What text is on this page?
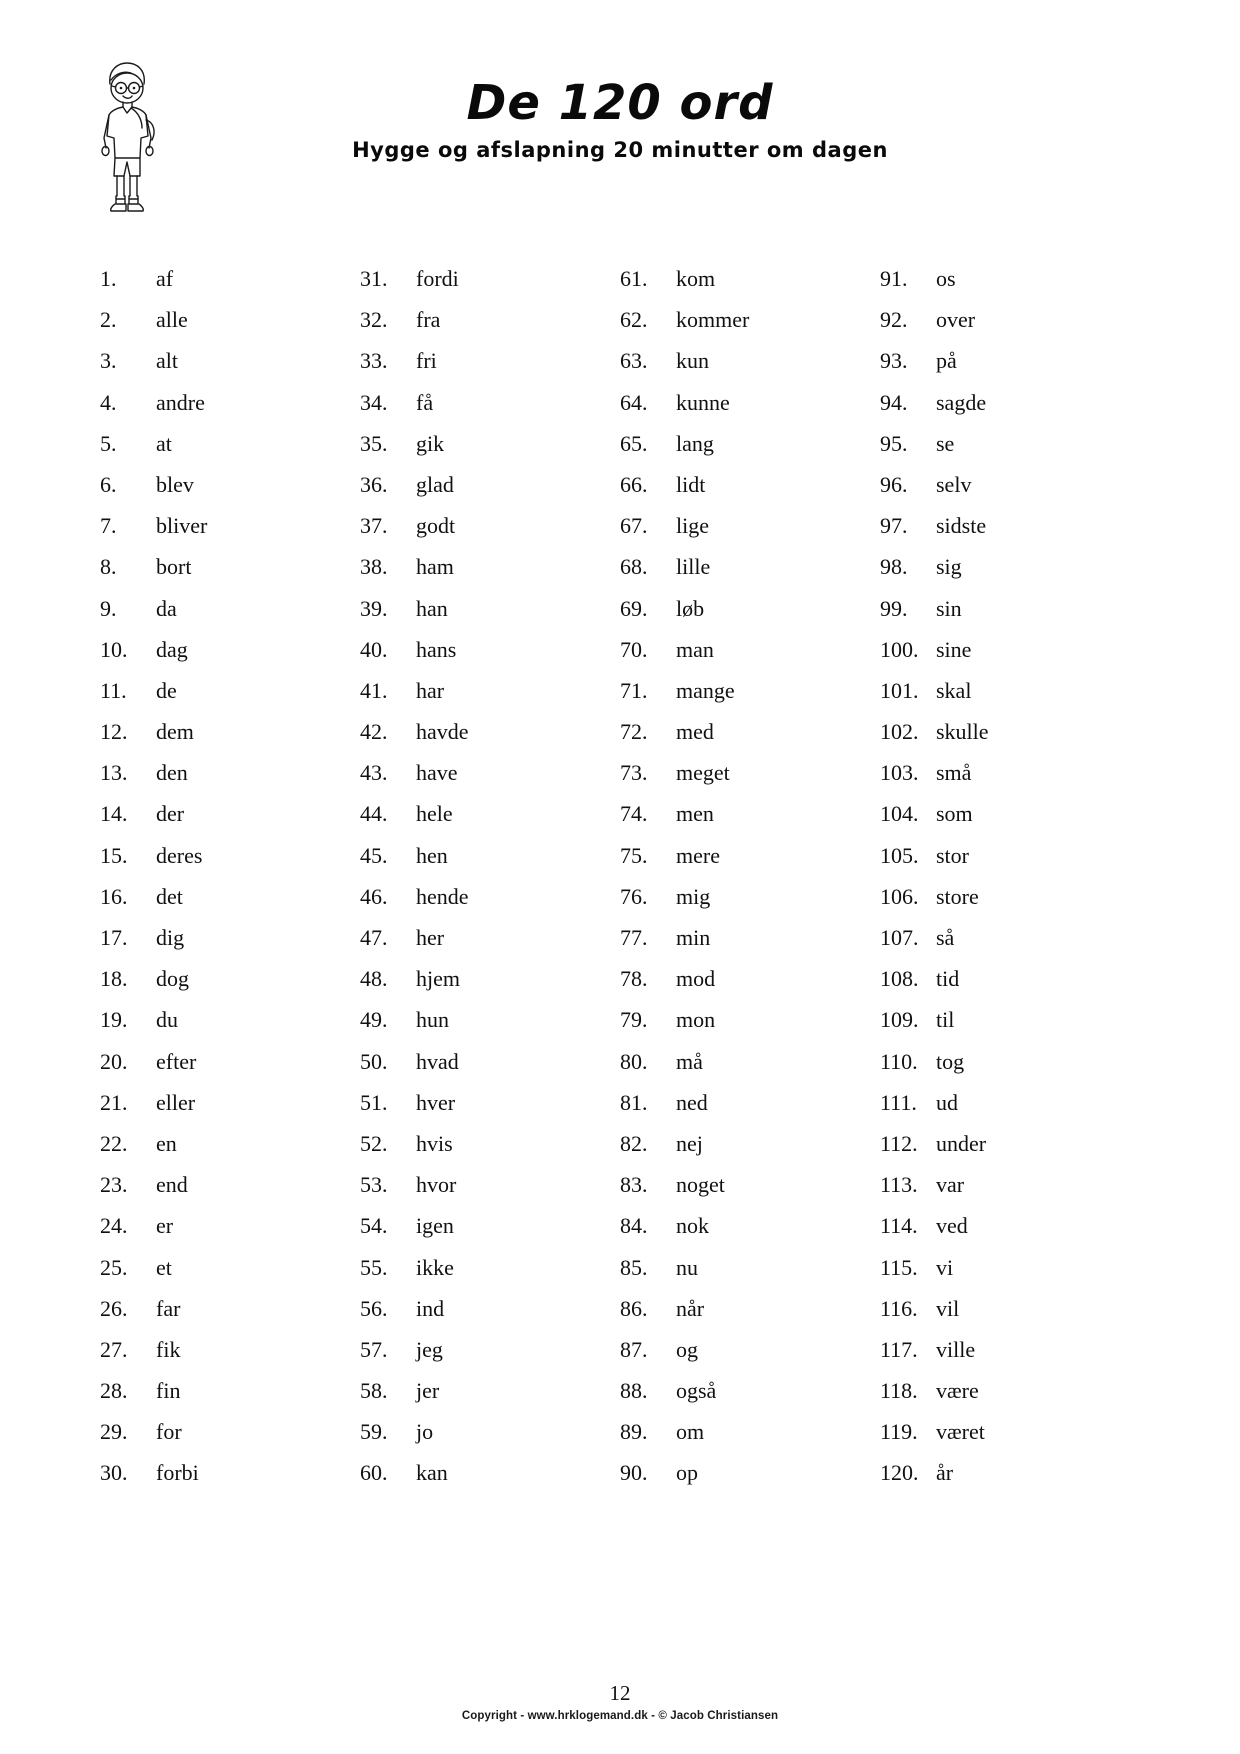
De 120 ord

Hygge og afslapning 20 minutter om dagen

1.	af
2.	alle
3.	alt
4.	andre
5.	at
6.	blev
7.	bliver
8.	bort
9.	da
10.	dag
11.	de
12.	dem
13.	den
14.	der
15.	deres
16.	det
17.	dig
18.	dog
19.	du
20.	efter
21.	eller
22.	en
23.	end
24.	er
25.	et
26.	far
27.	fik
28.	fin
29.	for
30.	forbi
31.	fordi
32.	fra
33.	fri
34.	få
35.	gik
36.	glad
37.	godt
38.	ham
39.	han
40.	hans
41.	har
42.	havde
43.	have
44.	hele
45.	hen
46.	hende
47.	her
48.	hjem
49.	hun
50.	hvad
51.	hver
52.	hvis
53.	hvor
54.	igen
55.	ikke
56.	ind
57.	jeg
58.	jer
59.	jo
60.	kan
61.	kom
62.	kommer
63.	kun
64.	kunne
65.	lang
66.	lidt
67.	lige
68.	lille
69.	løb
70.	man
71.	mange
72.	med
73.	meget
74.	men
75.	mere
76.	mig
77.	min
78.	mod
79.	mon
80.	må
81.	ned
82.	nej
83.	noget
84.	nok
85.	nu
86.	når
87.	og
88.	også
89.	om
90.	op
91.	os
92.	over
93.	på
94.	sagde
95.	se
96.	selv
97.	sidste
98.	sig
99.	sin
100. sine
101. skal
102. skulle
103. små
104. som
105. stor
106. store
107. så
108. tid
109. til
110. tog
111. ud
112. under
113. var
114. ved
115. vi
116. vil
117. ville
118. være
119. været
120. år
12
Copyright - www.hrklogemand.dk - © Jacob Christiansen
